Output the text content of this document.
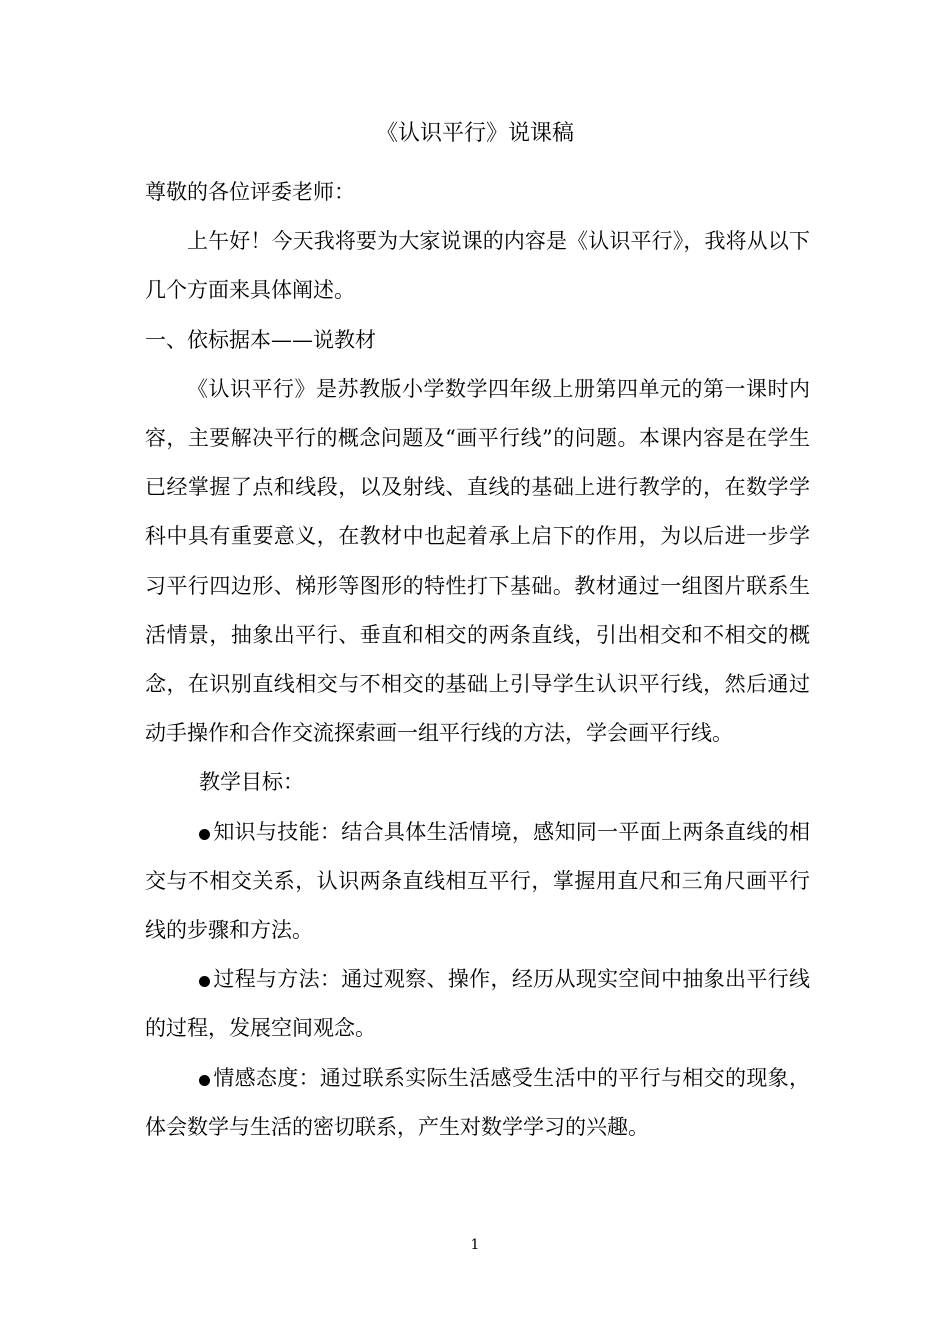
《认识平行》说课稿

尊敬的各位评委老师：

上午好！今天我将要为大家说课的内容是《认识平行》，我将从以下几个方面来具体阐述。

一、依标据本——说教材

《认识平行》是苏教版小学数学四年级上册第四单元的第一课时内容，主要解决平行的概念问题及“画平行线”的问题。本课内容是在学生已经掌握了点和线段，以及射线、直线的基础上进行教学的，在数学学科中具有重要意义，在教材中也起着承上启下的作用，为以后进一步学习平行四边形、梯形等图形的特性打下基础。教材通过一组图片联系生活情景，抽象出平行、垂直和相交的两条直线，引出相交和不相交的概念，在识别直线相交与不相交的基础上引导学生认识平行线，然后通过动手操作和合作交流探索画一组平行线的方法，学会画平行线。

教学目标：

知识与技能：结合具体生活情境，感知同一平面上两条直线的相交与不相交关系，认识两条直线相互平行，掌握用直尺和三角尺画平行线的步骤和方法。

过程与方法：通过观察、操作，经历从现实空间中抽象出平行线的过程，发展空间观念。

情感态度：通过联系实际生活感受生活中的平行与相交的现象，体会数学与生活的密切联系，产生对数学学习的兴趣。

1
